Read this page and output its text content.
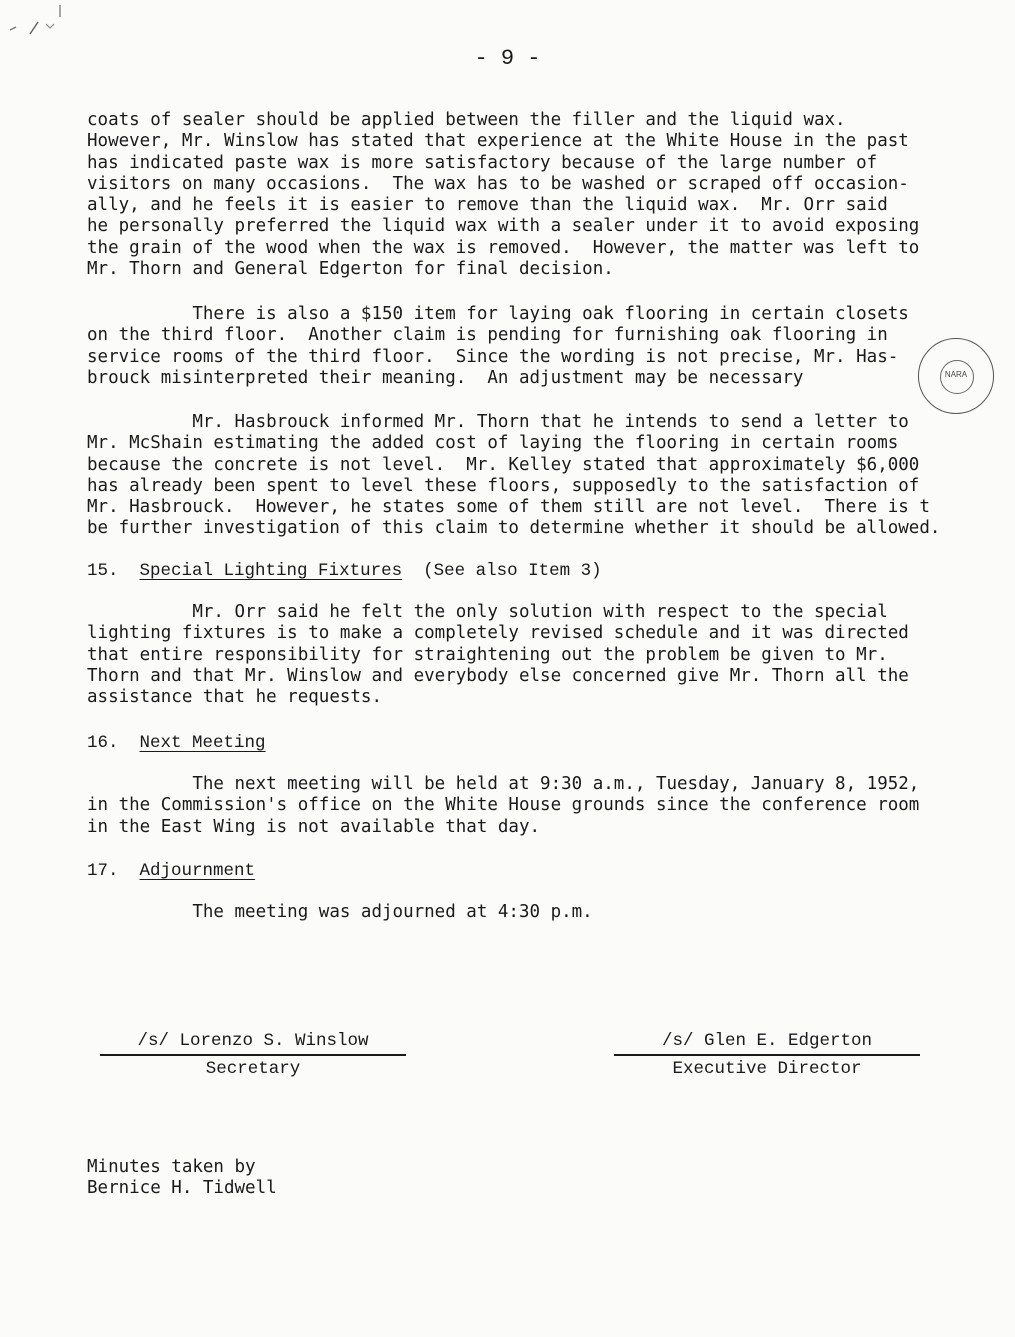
- 9 -
coats of sealer should be applied between the filler and the liquid wax.
However, Mr. Winslow has stated that experience at the White House in the past
has indicated paste wax is more satisfactory because of the large number of
visitors on many occasions.  The wax has to be washed or scraped off occasion-
ally, and he feels it is easier to remove than the liquid wax.  Mr. Orr said
he personally preferred the liquid wax with a sealer under it to avoid exposing
the grain of the wood when the wax is removed.  However, the matter was left to
Mr. Thorn and General Edgerton for final decision.
There is also a $150 item for laying oak flooring in certain closets
on the third floor.  Another claim is pending for furnishing oak flooring in
service rooms of the third floor.  Since the wording is not precise, Mr. Has-
brouck misinterpreted their meaning.  An adjustment may be necessary	NARA
Mr. Hasbrouck informed Mr. Thorn that he intends to send a letter to
Mr. McShain estimating the added cost of laying the flooring in certain rooms
because the concrete is not level.  Mr. Kelley stated that approximately $6,000
has already been spent to level these floors, supposedly to the satisfaction of
Mr. Hasbrouck.  However, he states some of them still are not level.  There is t
be further investigation of this claim to determine whether it should be allowed.
15. Special Lighting Fixtures (See also Item 3)
Mr. Orr said he felt the only solution with respect to the special
lighting fixtures is to make a completely revised schedule and it was directed
that entire responsibility for straightening out the problem be given to Mr.
Thorn and that Mr. Winslow and everybody else concerned give Mr. Thorn all the
assistance that he requests.
16. Next Meeting
The next meeting will be held at 9:30 a.m., Tuesday, January 8, 1952,
in the Commission's office on the White House grounds since the conference room
in the East Wing is not available that day.
17. Adjournment
The meeting was adjourned at 4:30 p.m.
/s/ Lorenzo S. Winslow
Secretary
/s/ Glen E. Edgerton
Executive Director
Minutes taken by
Bernice H. Tidwell
